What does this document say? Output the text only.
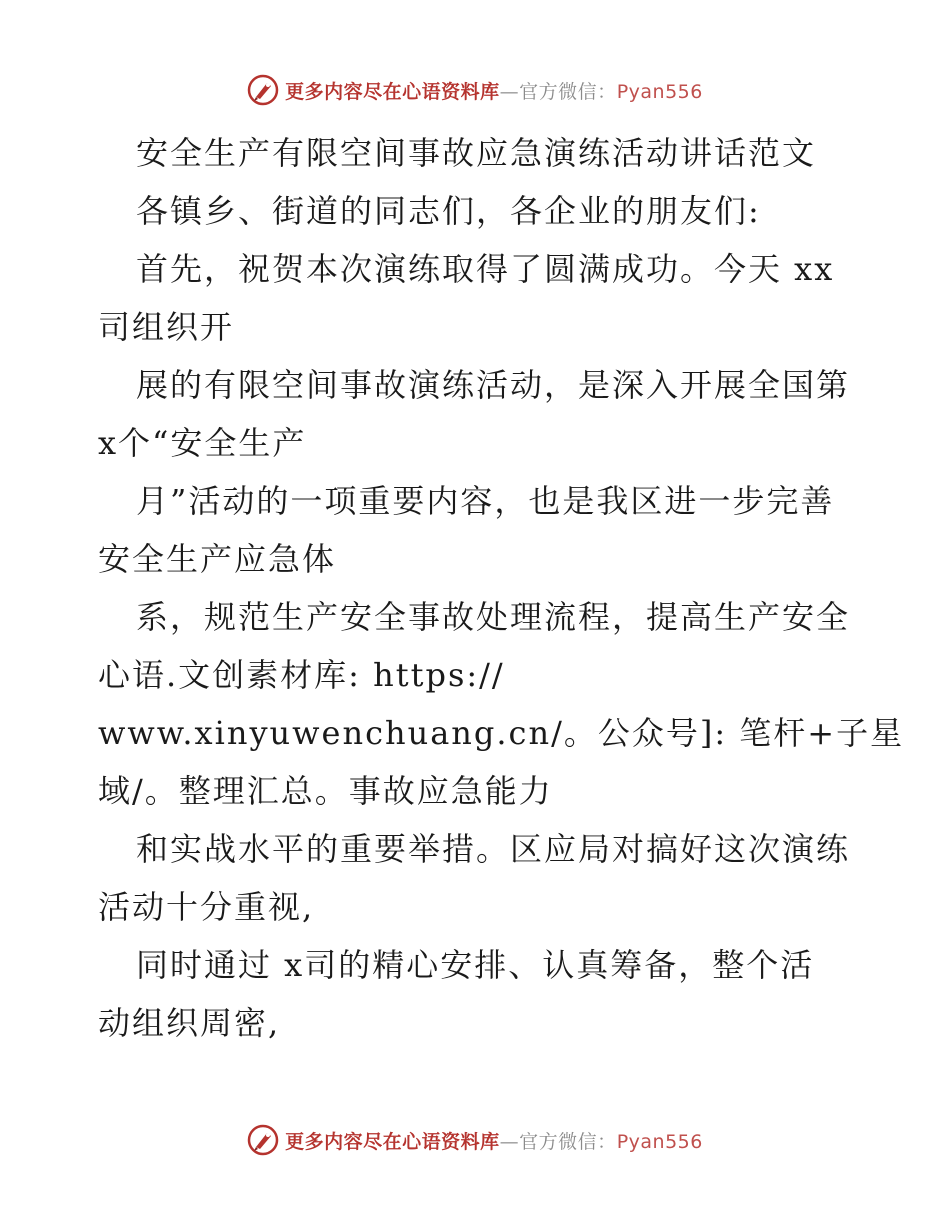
更多内容尽在心语资料库—官方微信：Pyan556
安全生产有限空间事故应急演练活动讲话范文
各镇乡、街道的同志们，各企业的朋友们:
首先，祝贺本次演练取得了圆满成功。今天 xx
司组织开
展的有限空间事故演练活动，是深入开展全国第
x个“安全生产
月”活动的一项重要内容，也是我区进一步完善
安全生产应急体
系，规范生产安全事故处理流程，提高生产安全
心语.文创素材库: https://
www.xinyuwenchuang.cn/。公众号]: 笔杆+子星
域/。整理汇总。事故应急能力
和实战水平的重要举措。区应局对搞好这次演练
活动十分重视,
同时通过 x司的精心安排、认真筹备，整个活
动组织周密,
更多内容尽在心语资料库—官方微信：Pyan556
